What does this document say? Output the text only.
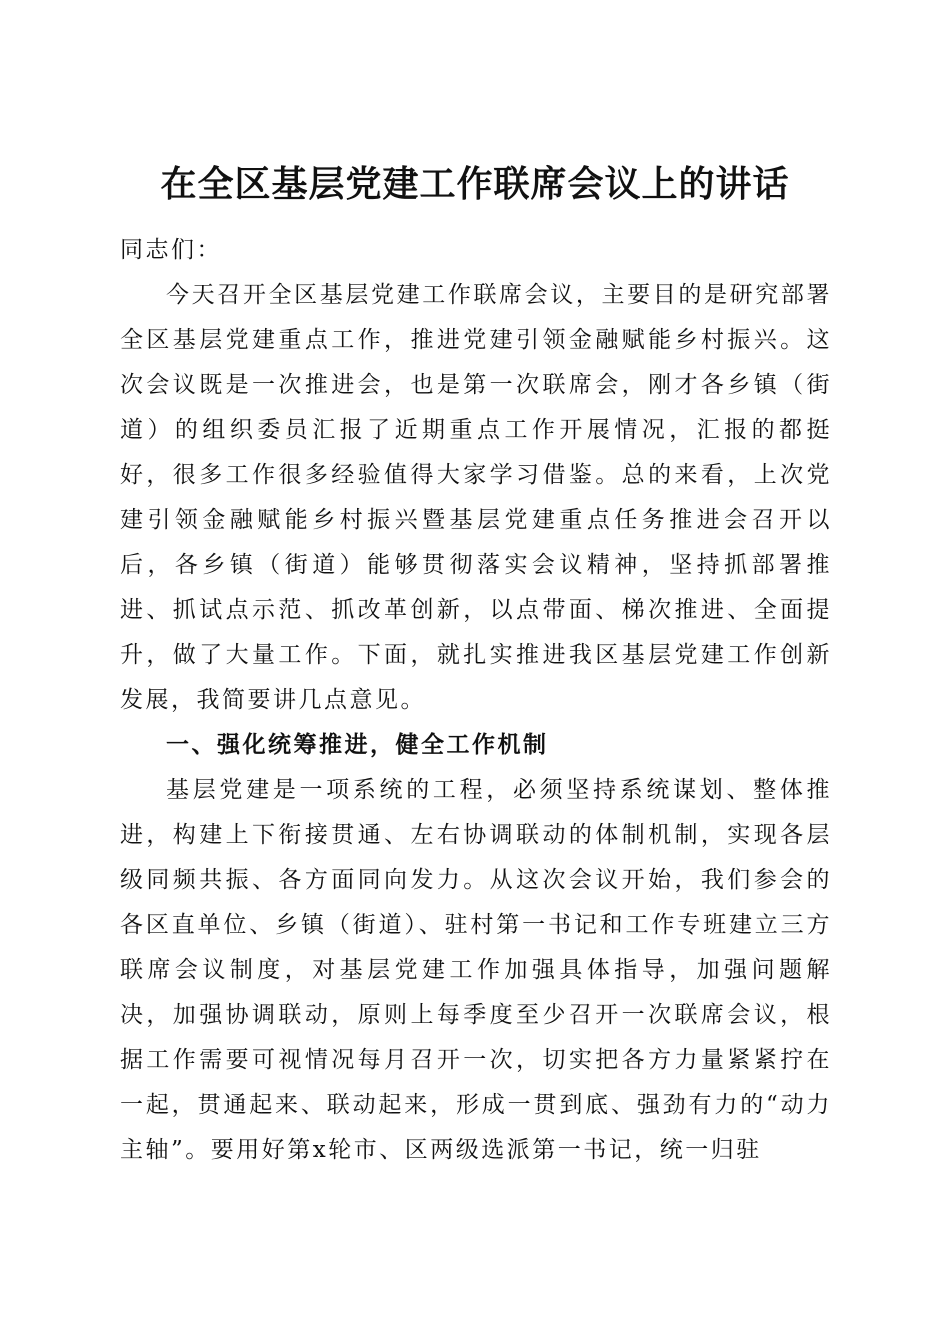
在全区基层党建工作联席会议上的讲话

同志们：

今天召开全区基层党建工作联席会议，主要目的是研究部署全区基层党建重点工作，推进党建引领金融赋能乡村振兴。这次会议既是一次推进会，也是第一次联席会，刚才各乡镇（街道）的组织委员汇报了近期重点工作开展情况，汇报的都挺好，很多工作很多经验值得大家学习借鉴。总的来看，上次党建引领金融赋能乡村振兴暨基层党建重点任务推进会召开以后，各乡镇（街道）能够贯彻落实会议精神，坚持抓部署推进、抓试点示范、抓改革创新，以点带面、梯次推进、全面提升，做了大量工作。下面，就扎实推进我区基层党建工作创新发展，我简要讲几点意见。

一、强化统筹推进，健全工作机制

基层党建是一项系统的工程，必须坚持系统谋划、整体推进，构建上下衔接贯通、左右协调联动的体制机制，实现各层级同频共振、各方面同向发力。从这次会议开始，我们参会的各区直单位、乡镇（街道）、驻村第一书记和工作专班建立三方联席会议制度，对基层党建工作加强具体指导，加强问题解决，加强协调联动，原则上每季度至少召开一次联席会议，根据工作需要可视情况每月召开一次，切实把各方力量紧紧拧在一起，贯通起来、联动起来，形成一贯到底、强劲有力的“动力主轴”。要用好第x轮市、区两级选派第一书记，统一归驻
